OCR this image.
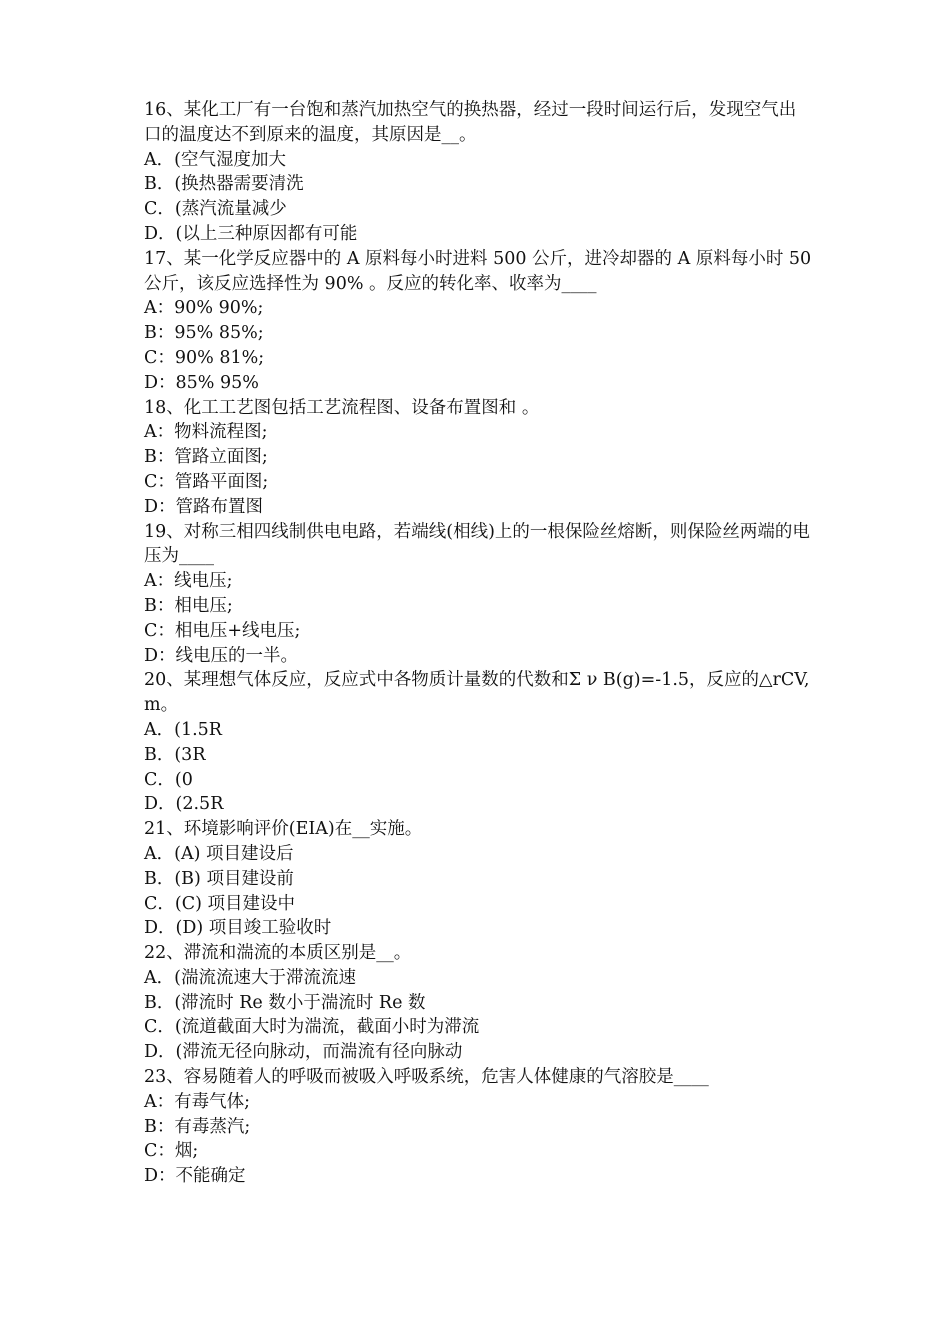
16、某化工厂有一台饱和蒸汽加热空气的换热器，经过一段时间运行后，发现空气出口的温度达不到原来的温度，其原因是__。

A．(空气湿度加大

B．(换热器需要清洗

C．(蒸汽流量减少

D．(以上三种原因都有可能

17、某一化学反应器中的 A 原料每小时进料 500 公斤，进冷却器的 A 原料每小时 50 公斤，该反应选择性为 90% 。反应的转化率、收率为____

A：90% 90%;

B：95% 85%;

C：90% 81%;

D：85% 95%

18、化工工艺图包括工艺流程图、设备布置图和 。

A：物料流程图;

B：管路立面图;

C：管路平面图;

D：管路布置图

19、对称三相四线制供电电路，若端线(相线)上的一根保险丝熔断，则保险丝两端的电压为____

A：线电压;

B：相电压;

C：相电压+线电压;

D：线电压的一半。

20、某理想气体反应，反应式中各物质计量数的代数和Σ ν B(g)=-1.5，反应的△rCV,m。

A．(1.5R

B．(3R

C．(0

D．(2.5R

21、环境影响评价(EIA)在__实施。

A．(A) 项目建设后

B．(B) 项目建设前

C．(C) 项目建设中

D．(D) 项目竣工验收时

22、滞流和湍流的本质区别是__。

A．(湍流流速大于滞流流速

B．(滞流时 Re 数小于湍流时 Re 数

C．(流道截面大时为湍流，截面小时为滞流

D．(滞流无径向脉动，而湍流有径向脉动

23、容易随着人的呼吸而被吸入呼吸系统，危害人体健康的气溶胶是____

A：有毒气体;

B：有毒蒸汽;

C：烟;

D：不能确定
